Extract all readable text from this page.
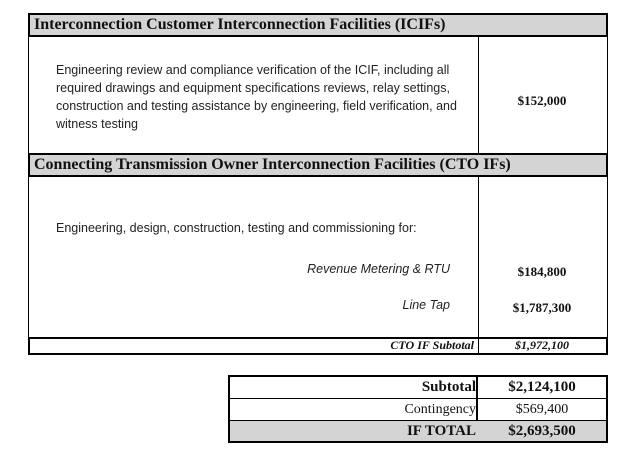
Interconnection Customer Interconnection Facilities (ICIFs)
Engineering review and compliance verification of the ICIF, including all required drawings and equipment specifications reviews, relay settings, construction and testing assistance by engineering, field verification, and witness testing
$152,000
Connecting Transmission Owner Interconnection Facilities (CTO IFs)
Engineering, design, construction, testing and commissioning for:
Revenue Metering & RTU	$184,800
Line Tap	$1,787,300
CTO IF Subtotal	$1,972,100
Subtotal	$2,124,100
Contingency	$569,400
IF TOTAL	$2,693,500
